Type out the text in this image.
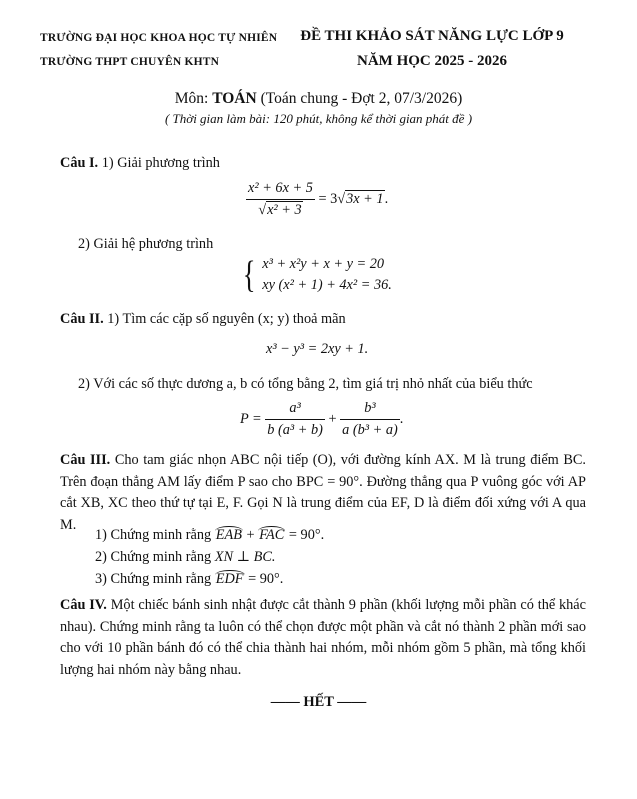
TRƯỜNG ĐẠI HỌC KHOA HỌC TỰ NHIÊN
TRƯỜNG THPT CHUYÊN KHTN
ĐỀ THI KHẢO SÁT NĂNG LỰC LỚP 9
NĂM HỌC 2025 - 2026
Môn: TOÁN (Toán chung - Đợt 2, 07/3/2026)
( Thời gian làm bài: 120 phút, không kể thời gian phát đề )
Câu I. 1) Giải phương trình
$\frac{\text{x² + 6x + 5}}{\text{√x² + 3}} = 3√3x + 1$.
2) Giải hệ phương trình
{ x³ + x²y + x + y = 20
xy (x² + 1) + 4x² = 36.
Câu II. 1) Tìm các cặp số nguyên (x; y) thoả mãn
x³ − y³ = 2xy + 1.
2) Với các số thực dương a, b có tổng bằng 2, tìm giá trị nhỏ nhất của biểu thức
$P = \frac{\text{a³}}{\text{b (a³ + b)}} + \frac{\text{b³}}{\text{a (b³ + a)}}$ .
Câu III. Cho tam giác nhọn ABC nội tiếp (O), với đường kính AX. M là trung điểm BC. Trên đoạn thẳng AM lấy điểm P sao cho BPC = 90°. Đường thẳng qua P vuông góc với AP cắt XB, XC theo thứ tự tại E, F. Gọi N là trung điểm của EF, D là điểm đối xứng với A qua M.
1) Chứng minh rằng EAB + FAC = 90°.
2) Chứng minh rằng XN ⊥ BC.
3) Chứng minh rằng EDF = 90°.
Câu IV. Một chiếc bánh sinh nhật được cắt thành 9 phần (khối lượng mỗi phần có thể khác nhau). Chứng minh rằng ta luôn có thể chọn được một phần và cắt nó thành 2 phần mới sao cho với 10 phần bánh đó có thể chia thành hai nhóm, mỗi nhóm gồm 5 phần, mà tổng khối lượng hai nhóm này bằng nhau.
—— HẾT ——
